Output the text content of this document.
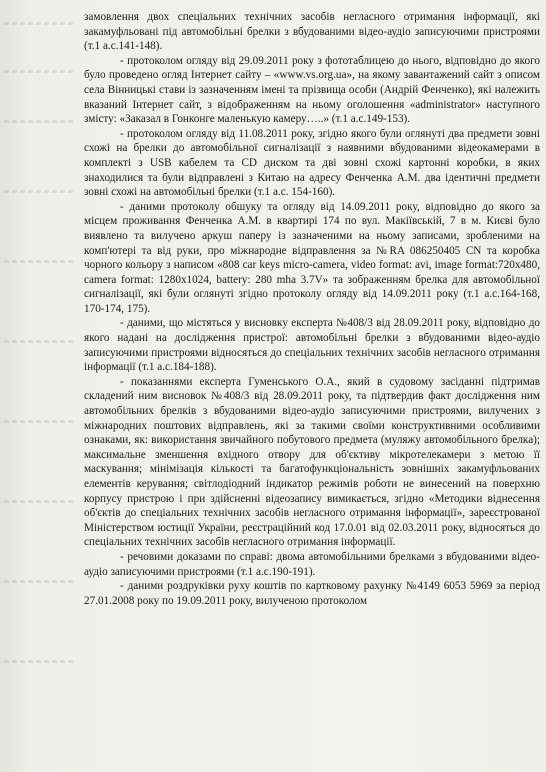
замовлення двох спеціальних технічних засобів негласного отримання інформації, які закамуфльовані під автомобільні брелки з вбудованими відео-аудіо записуючими пристроями (т.1 а.с.141-148).

- протоколом огляду від 29.09.2011 року з фототаблицею до нього, відповідно до якого було проведено огляд Інтернет сайту – «www.vs.org.ua», на якому завантажений сайт з описом села Вінницькі стави із зазначенням імені та прізвища особи (Андрій Фенченко), які належить вказаний Інтернет сайт, з відображенням на ньому оголошення «administrator» наступного змісту: «Заказал в Гонконге маленькую камеру…..» (т.1 а.с.149-153).

- протоколом огляду від 11.08.2011 року, згідно якого були оглянуті два предмети зовні схожі на брелки до автомобільної сигналізації з наявними вбудованими відеокамерами в комплекті з USB кабелем та CD диском та дві зовні схожі картонні коробки, в яких знаходилися та були відправлені з Китаю на адресу Фенченка А.М. два ідентичні предмети зовні схожі на автомобільні брелки (т.1 а.с. 154-160).

- даними протоколу обшуку та огляду від 14.09.2011 року, відповідно до якого за місцем проживання Фенченка А.М. в квартирі 174 по вул. Макіївській, 7 в м. Києві було виявлено та вилучено аркуш паперу із зазначеними на ньому записами, зробленими на комп'ютері та від руки, про міжнародне відправлення за №RA 086250405 CN та коробка чорного кольору з написом «808 car keys micro-camera, video format: avi, image format:720x480, camera format: 1280x1024, battery: 280 mha 3.7V» та зображенням брелка для автомобільної сигналізації, які були оглянуті згідно протоколу огляду від 14.09.2011 року (т.1 а.с.164-168, 170-174, 175).

- даними, що містяться у висновку експерта №408/3 від 28.09.2011 року, відповідно до якого надані на дослідження пристрої: автомобільні брелки з вбудованими відео-аудіо записуючими пристроями відносяться до спеціальних технічних засобів негласного отримання інформації (т.1 а.с.184-188).

- показаннями експерта Гуменського О.А., який в судовому засіданні підтримав складений ним висновок №408/3 від 28.09.2011 року, та підтвердив факт дослідження ним автомобільних брелків з вбудованими відео-аудіо записуючими пристроями, вилучених з міжнародних поштових відправлень, які за такими своїми конструктивними особливими ознаками, як: використання звичайного побутового предмета (муляжу автомобільного брелка); максимальне зменшення вхідного отвору для об'єктиву мікротелекамери з метою її маскування; мінімізація кількості та багатофункціональність зовнішніх закамуфльованих елементів керування; світлодіодний індикатор режимів роботи не винесений на поверхню корпусу пристрою і при здійсненні відеозапису вимикається, згідно «Методики віднесення об'єктів до спеціальних технічних засобів негласного отримання інформації», зареєстрованої Міністерством юстиції України, реєстраційний код 17.0.01 від 02.03.2011 року, відносяться до спеціальних технічних засобів негласного отримання інформації.

- речовими доказами по справі: двома автомобільними брелками з вбудованими відео-аудіо записуючими пристроями (т.1 а.с.190-191).

- даними роздруківки руху коштів по картковому рахунку №4149 6053 5969 за період 27.01.2008 року по 19.09.2011 року, вилученою протоколом
